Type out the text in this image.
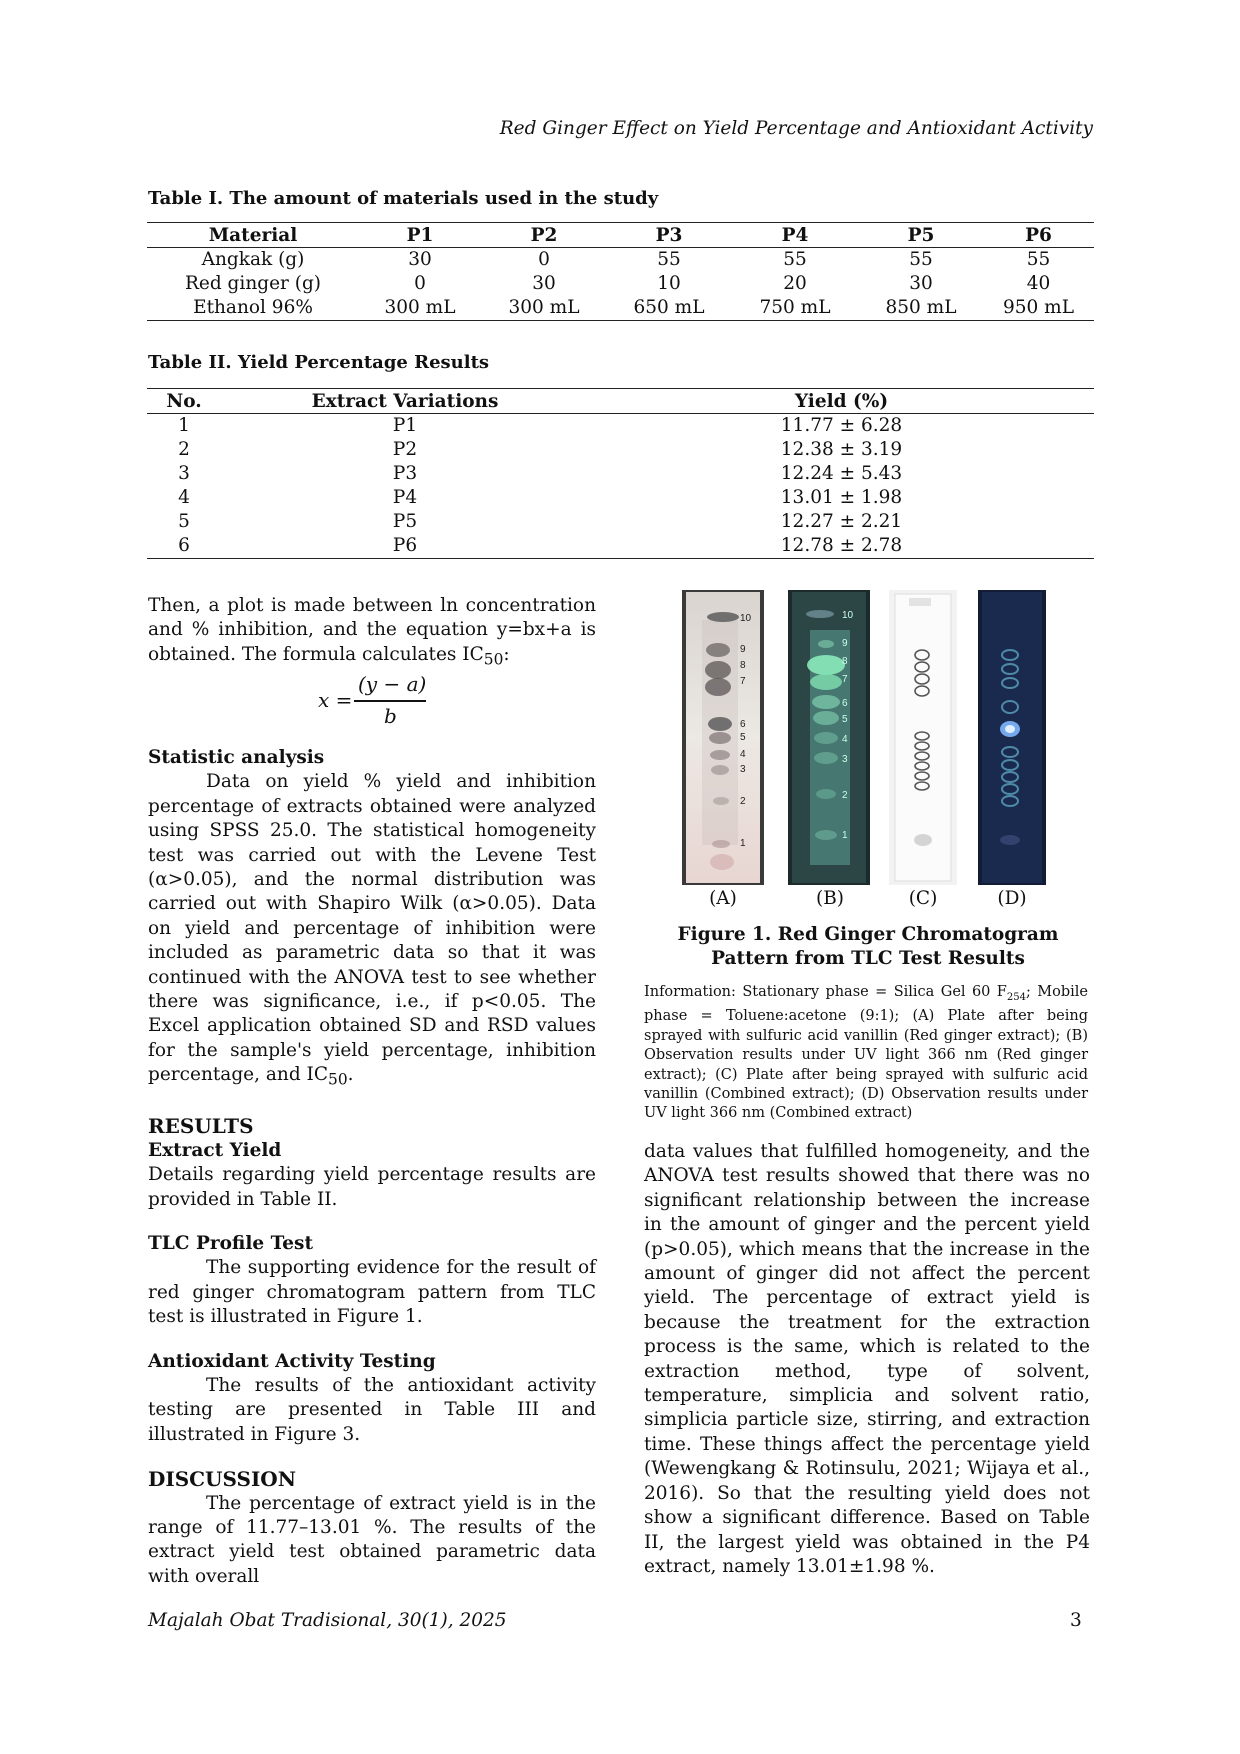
Red Ginger Effect on Yield Percentage and Antioxidant Activity
Table I. The amount of materials used in the study
Material	P1	P2	P3	P4	P5	P6
Angkak (g)	30	0	55	55	55	55
Red ginger (g)	0	30	10	20	30	40
Ethanol 96%	300 mL	300 mL	650 mL	750 mL	850 mL	950 mL
Table II. Yield Percentage Results
No.	Extract Variations	Yield (%)
1	P1	11.77 ± 6.28
2	P2	12.38 ± 3.19
3	P3	12.24 ± 5.43
4	P4	13.01 ± 1.98
5	P5	12.27 ± 2.21
6	P6	12.78 ± 2.78

Then, a plot is made between ln concentration and % inhibition, and the equation y=bx+a is obtained. The formula calculates $IC_{50}$:

x =
(y − a)
b

Statistic analysis

Data on yield % yield and inhibition percentage of extracts obtained were analyzed using SPSS 25.0. The statistical homogeneity test was carried out with the Levene Test (α>0.05), and the normal distribution was carried out with Shapiro Wilk (α>0.05). Data on yield and percentage of inhibition were included as parametric data so that it was continued with the ANOVA test to see whether there was significance, i.e., if p<0.05. The Excel application obtained SD and RSD values for the sample's yield percentage, inhibition percentage, and $IC_{50}$.

RESULTS

Extract Yield

Details regarding yield percentage results are provided in Table II.

TLC Profile Test

The supporting evidence for the result of red ginger chromatogram pattern from TLC test is illustrated in Figure 1.

Antioxidant Activity Testing

The results of the antioxidant activity testing are presented in Table III and illustrated in Figure 3.

DISCUSSION

The percentage of extract yield is in the range of 11.77–13.01 %. The results of the extract yield test obtained parametric data with overall

10
9
8
7
6
5
4
3
2
1
10
9
8
7
6
5
4
3
2
1
(A)	(B)	(C)	(D)
Figure 1. Red Ginger Chromatogram
Pattern from TLC Test Results
Information: Stationary phase = Silica Gel 60 $F_{254}$; Mobile phase = Toluene:acetone (9:1); (A) Plate after being sprayed with sulfuric acid vanillin (Red ginger extract); (B) Observation results under UV light 366 nm (Red ginger extract); (C) Plate after being sprayed with sulfuric acid vanillin (Combined extract); (D) Observation results under UV light 366 nm (Combined extract)
data values that fulfilled homogeneity, and the ANOVA test results showed that there was no significant relationship between the increase in the amount of ginger and the percent yield (p>0.05), which means that the increase in the amount of ginger did not affect the percent yield. The percentage of extract yield is because the treatment for the extraction process is the same, which is related to the extraction method, type of solvent, temperature, simplicia and solvent ratio, simplicia particle size, stirring, and extraction time. These things affect the percentage yield (Wewengkang & Rotinsulu, 2021; Wijaya et al., 2016). So that the resulting yield does not show a significant difference. Based on Table II, the largest yield was obtained in the P4 extract, namely 13.01±1.98 %.
Majalah Obat Tradisional, 30(1), 2025	3
